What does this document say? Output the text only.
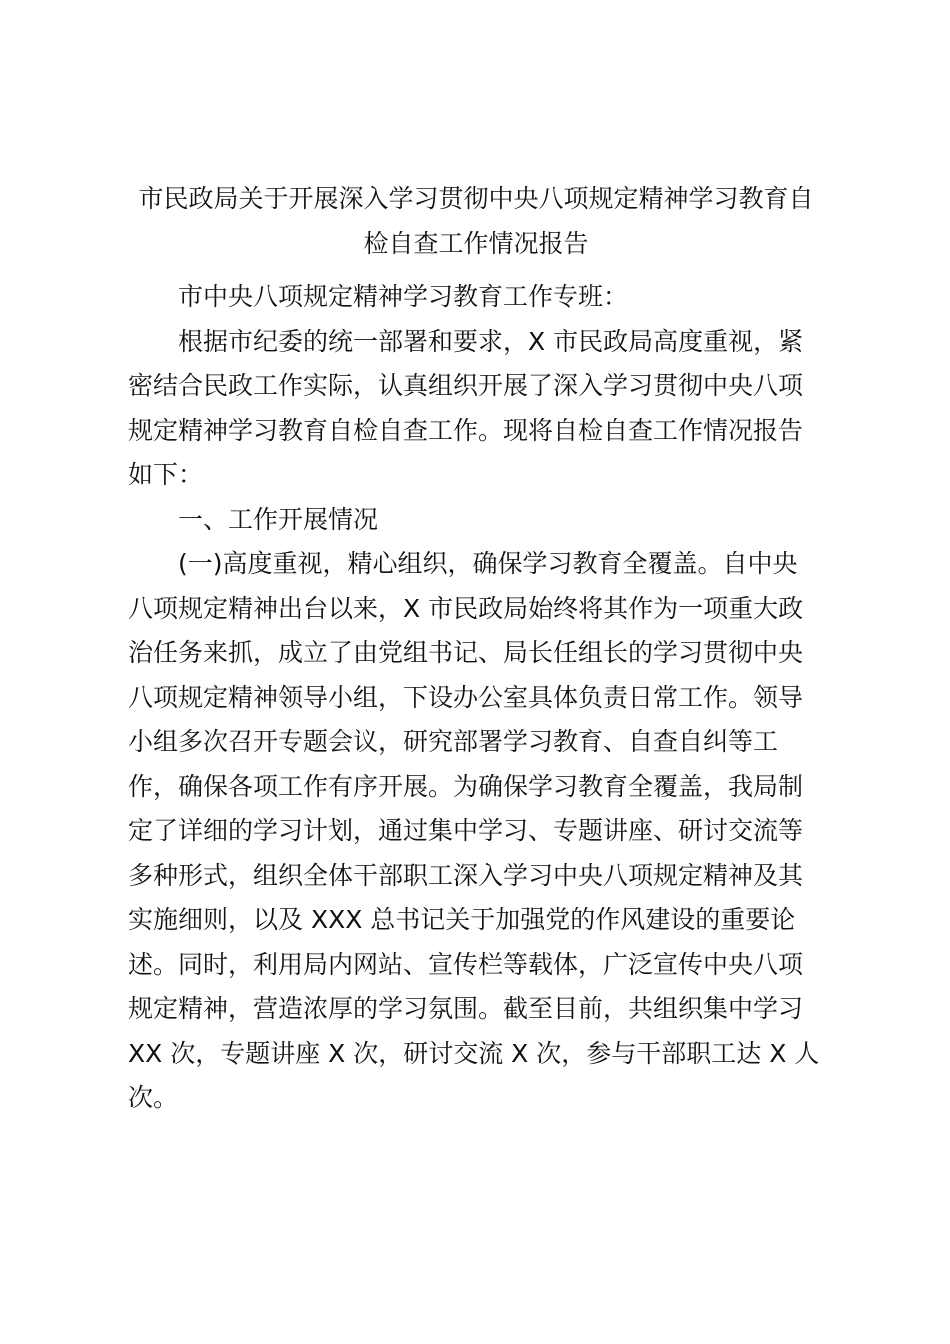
市民政局关于开展深入学习贯彻中央八项规定精神学习教育自
检自查工作情况报告

市中央八项规定精神学习教育工作专班：

根据市纪委的统一部署和要求，X 市民政局高度重视，紧
密结合民政工作实际，认真组织开展了深入学习贯彻中央八项
规定精神学习教育自检自查工作。现将自检自查工作情况报告
如下：

一、工作开展情况

(一)高度重视，精心组织，确保学习教育全覆盖。自中央
八项规定精神出台以来，X 市民政局始终将其作为一项重大政
治任务来抓，成立了由党组书记、局长任组长的学习贯彻中央
八项规定精神领导小组，下设办公室具体负责日常工作。领导
小组多次召开专题会议，研究部署学习教育、自查自纠等工
作，确保各项工作有序开展。为确保学习教育全覆盖，我局制
定了详细的学习计划，通过集中学习、专题讲座、研讨交流等
多种形式，组织全体干部职工深入学习中央八项规定精神及其
实施细则，以及 XXX 总书记关于加强党的作风建设的重要论
述。同时，利用局内网站、宣传栏等载体，广泛宣传中央八项
规定精神，营造浓厚的学习氛围。截至目前，共组织集中学习
XX 次，专题讲座 X 次，研讨交流 X 次，参与干部职工达 X 人
次。
